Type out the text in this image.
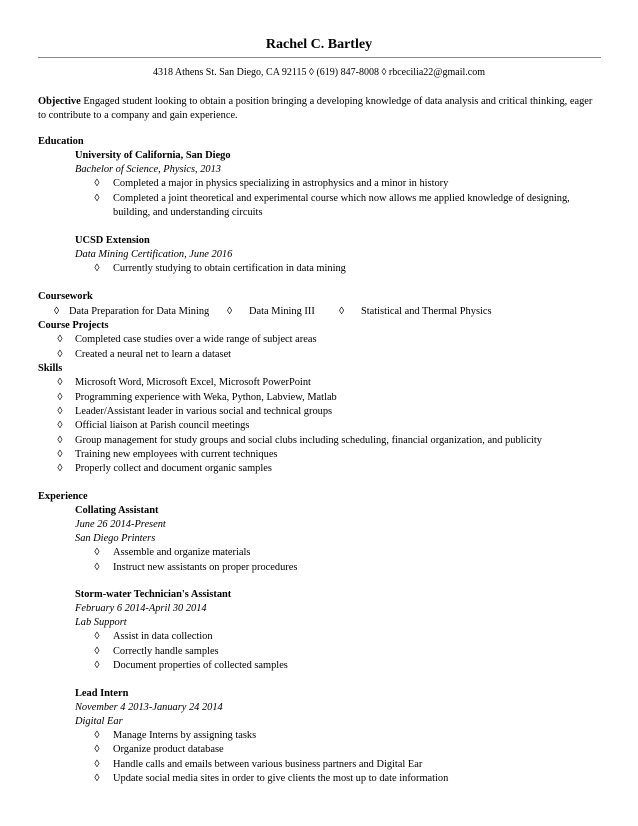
Rachel C. Bartley
4318 Athens St. San Diego, CA 92115 ◊ (619) 847-8008 ◊ rbcecilia22@gmail.com
Objective Engaged student looking to obtain a position bringing a developing knowledge of data analysis and critical thinking, eager
to contribute to a company and gain experience.
Education
University of California, San Diego
Bachelor of Science, Physics, 2013
◊	Completed a major in physics specializing in astrophysics and a minor in history
◊	Completed a joint theoretical and experimental course which now allows me applied knowledge of designing,
building, and understanding circuits
UCSD Extension
Data Mining Certification, June 2016
◊	Currently studying to obtain certification in data mining
Coursework
◊ Data Preparation for Data Mining ◊ Data Mining III ◊ Statistical and Thermal Physics
Course Projects
◊	Completed case studies over a wide range of subject areas
◊	Created a neural net to learn a dataset
Skills
◊	Microsoft Word, Microsoft Excel, Microsoft PowerPoint
◊	Programming experience with Weka, Python, Labview, Matlab
◊	Leader/Assistant leader in various social and technical groups
◊	Official liaison at Parish council meetings
◊	Group management for study groups and social clubs including scheduling, financial organization, and publicity
◊	Training new employees with current techniques
◊	Properly collect and document organic samples
Experience
Collating Assistant
June 26 2014-Present
San Diego Printers
◊	Assemble and organize materials
◊	Instruct new assistants on proper procedures
Storm-water Technician's Assistant
February 6 2014-April 30 2014
Lab Support
◊	Assist in data collection
◊	Correctly handle samples
◊	Document properties of collected samples
Lead Intern
November 4 2013-January 24 2014
Digital Ear
◊	Manage Interns by assigning tasks
◊	Organize product database
◊	Handle calls and emails between various business partners and Digital Ear
◊	Update social media sites in order to give clients the most up to date information
